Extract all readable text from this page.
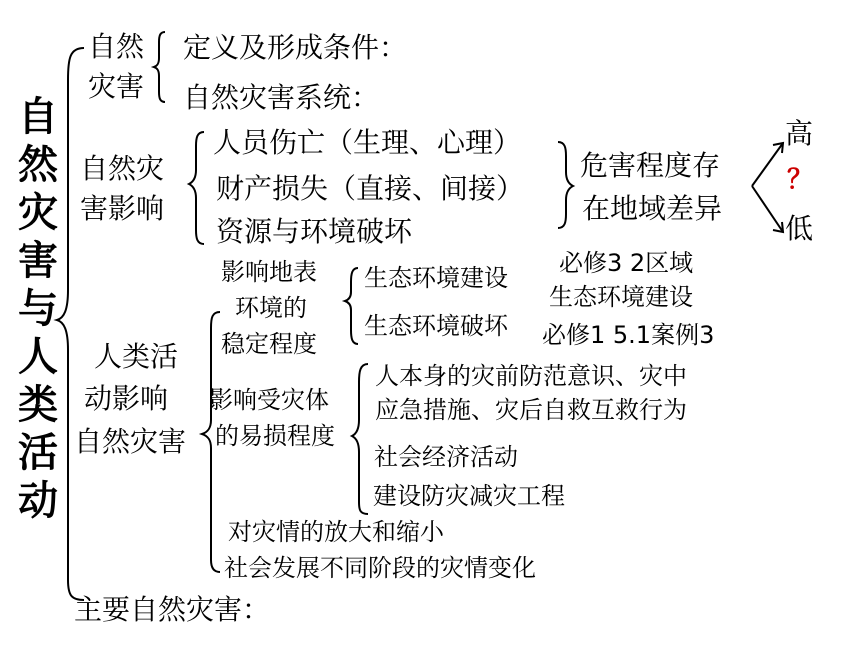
自
然
灾
害
与
人
类
活
动
自然
灾害
定义及形成条件：
自然灾害系统：
自然灾
害影响
人员伤亡（生理、心理）
财产损失（直接、间接）
资源与环境破坏
危害程度存
在地域差异
高
？
低
人类活
动影响
自然灾害
影响地表
环境的
稳定程度
生态环境建设
生态环境破坏
必修3 2区域
生态环境建设
必修1 5.1案例3
影响受灾体
的易损程度
人本身的灾前防范意识、灾中
应急措施、灾后自救互救行为
社会经济活动
建设防灾减灾工程
对灾情的放大和缩小
社会发展不同阶段的灾情变化
主要自然灾害：
